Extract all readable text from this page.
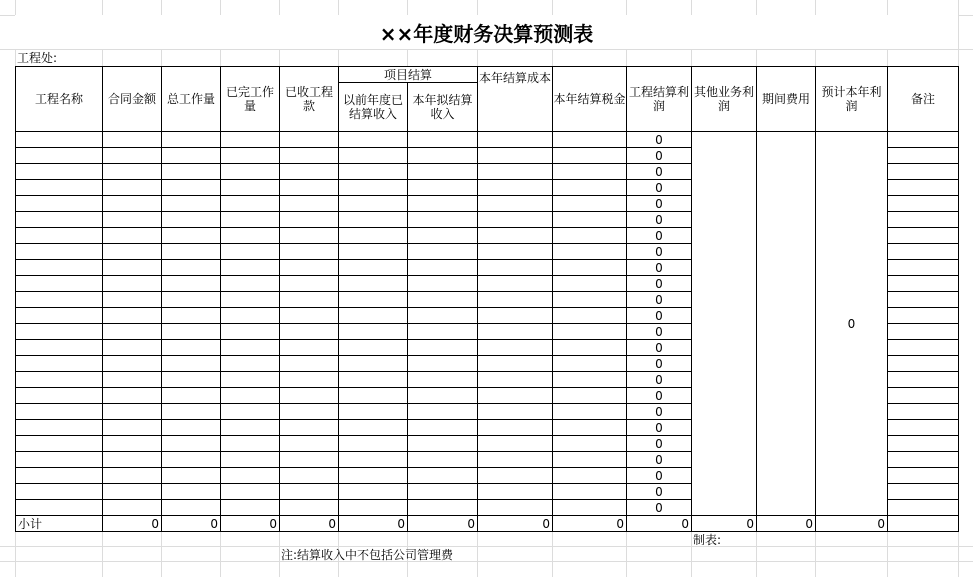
××年度财务决算预测表
工程处:
工程名称	合同金额	总工作量	已完工作量	已收工程款	项目结算		本年结算成本	本年结算税金	工程结算利润	其他业务利润	期间费用	预计本年利润	备注
					以前年度已结算收入	本年拟结算收入							
									0			0	
									0				
									0				
									0				
									0				
									0				
									0				
									0				
									0				
									0				
									0				
									0				
									0				
									0				
									0				
									0				
									0				
									0				
									0				
									0				
									0				
									0				
									0				
									0				
小计	0	0	0	0	0	0	0	0	0	0	0	0	
制表:
注:结算收入中不包括公司管理费
